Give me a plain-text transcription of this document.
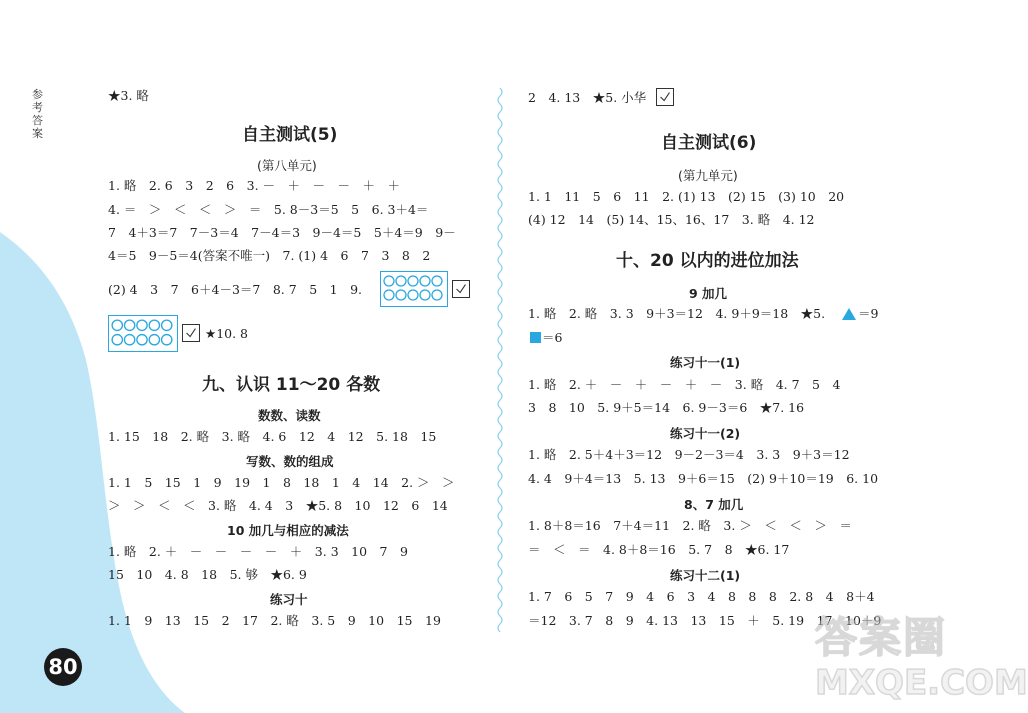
参考答案
80
★3. 略
自主测试(5)
(第八单元)
1. 略　2. 6　3　2　6　3. －　＋　－　－　＋　＋
4. ＝　＞　＜　＜　＞　＝　5. 8－3＝5　5　6. 3＋4＝
7　4＋3＝7　7－3＝4　7－4＝3　9－4＝5　5＋4＝9　9－
4＝5　9－5＝4(答案不唯一)　7. (1) 4　6　7　3　8　2
(2) 4　3　7　6＋4－3＝7　8. 7　5　1　9.
★10. 8
九、认识 11～20 各数
数数、读数
1. 15　18　2. 略　3. 略　4. 6　12　4　12　5. 18　15
写数、数的组成
1. 1　5　15　1　9　19　1　8　18　1　4　14　2. ＞　＞
＞　＞　＜　＜　3. 略　4. 4　3　★5. 8　10　12　6　14
10 加几与相应的减法
1. 略　2. ＋　－　－　－　－　＋　3. 3　10　7　9
15　10　4. 8　18　5. 够　★6. 9
练习十
1. 1　9　13　15　2　17　2. 略　3. 5　9　10　15　19
2　4. 13　★5. 小华
自主测试(6)
(第九单元)
1. 1　11　5　6　11　2. (1) 13　(2) 15　(3) 10　20
(4) 12　14　(5) 14、15、16、17　3. 略　4. 12
十、20 以内的进位加法
9 加几
1. 略　2. 略　3. 3　9＋3＝12　4. 9＋9＝18　★5.	＝9
＝6
练习十一(1)
1. 略　2. ＋　－　＋　－　＋　－　3. 略　4. 7　5　4
3　8　10　5. 9＋5＝14　6. 9－3＝6　★7. 16
练习十一(2)
1. 略　2. 5＋4＋3＝12　9－2－3＝4　3. 3　9＋3＝12
4. 4　9＋4＝13　5. 13　9＋6＝15　(2) 9＋10＝19　6. 10
8、7 加几
1. 8＋8＝16　7＋4＝11　2. 略　3. ＞　＜　＜　＞　＝
＝　＜　＝　4. 8＋8＝16　5. 7　8　★6. 17
练习十二(1)
1. 7　6　5　7　9　4　6　3　4　8　8　8　2. 8　4　8＋4
＝12　3. 7　8　9　4. 13　13　15　＋　5. 19　17　10＋9
答案圈
MXQE.COM
